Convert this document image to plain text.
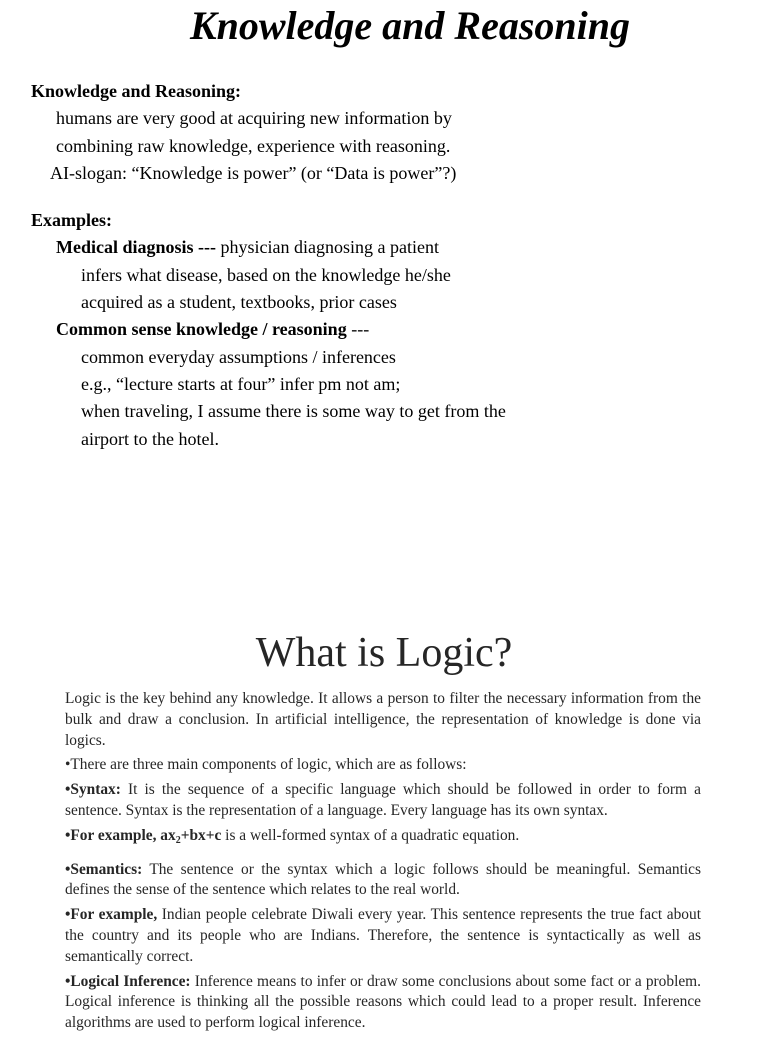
Knowledge and Reasoning
Knowledge and Reasoning:
humans are very good at acquiring new information by
combining raw knowledge, experience with reasoning.
AI-slogan: “Knowledge is power” (or “Data is power”?)
Examples:
Medical diagnosis --- physician diagnosing a patient
infers what disease, based on the knowledge he/she
acquired as a student, textbooks, prior cases
Common sense knowledge / reasoning ---
common everyday assumptions / inferences
e.g., “lecture starts at four” infer pm not am;
when traveling, I assume there is some way to get from the
airport to the hotel.
What is Logic?

Logic is the key behind any knowledge. It allows a person to filter the necessary information from the bulk and draw a conclusion. In artificial intelligence, the representation of knowledge is done via logics.

•There are three main components of logic, which are as follows:

•Syntax: It is the sequence of a specific language which should be followed in order to form a sentence. Syntax is the representation of a language. Every language has its own syntax.

•For example, $ax_2+bx+c$ is a well-formed syntax of a quadratic equation.

•Semantics: The sentence or the syntax which a logic follows should be meaningful. Semantics defines the sense of the sentence which relates to the real world.

•For example, Indian people celebrate Diwali every year. This sentence represents the true fact about the country and its people who are Indians. Therefore, the sentence is syntactically as well as semantically correct.

•Logical Inference: Inference means to infer or draw some conclusions about some fact or a problem. Logical inference is thinking all the possible reasons which could lead to a proper result. Inference algorithms are used to perform logical inference.
